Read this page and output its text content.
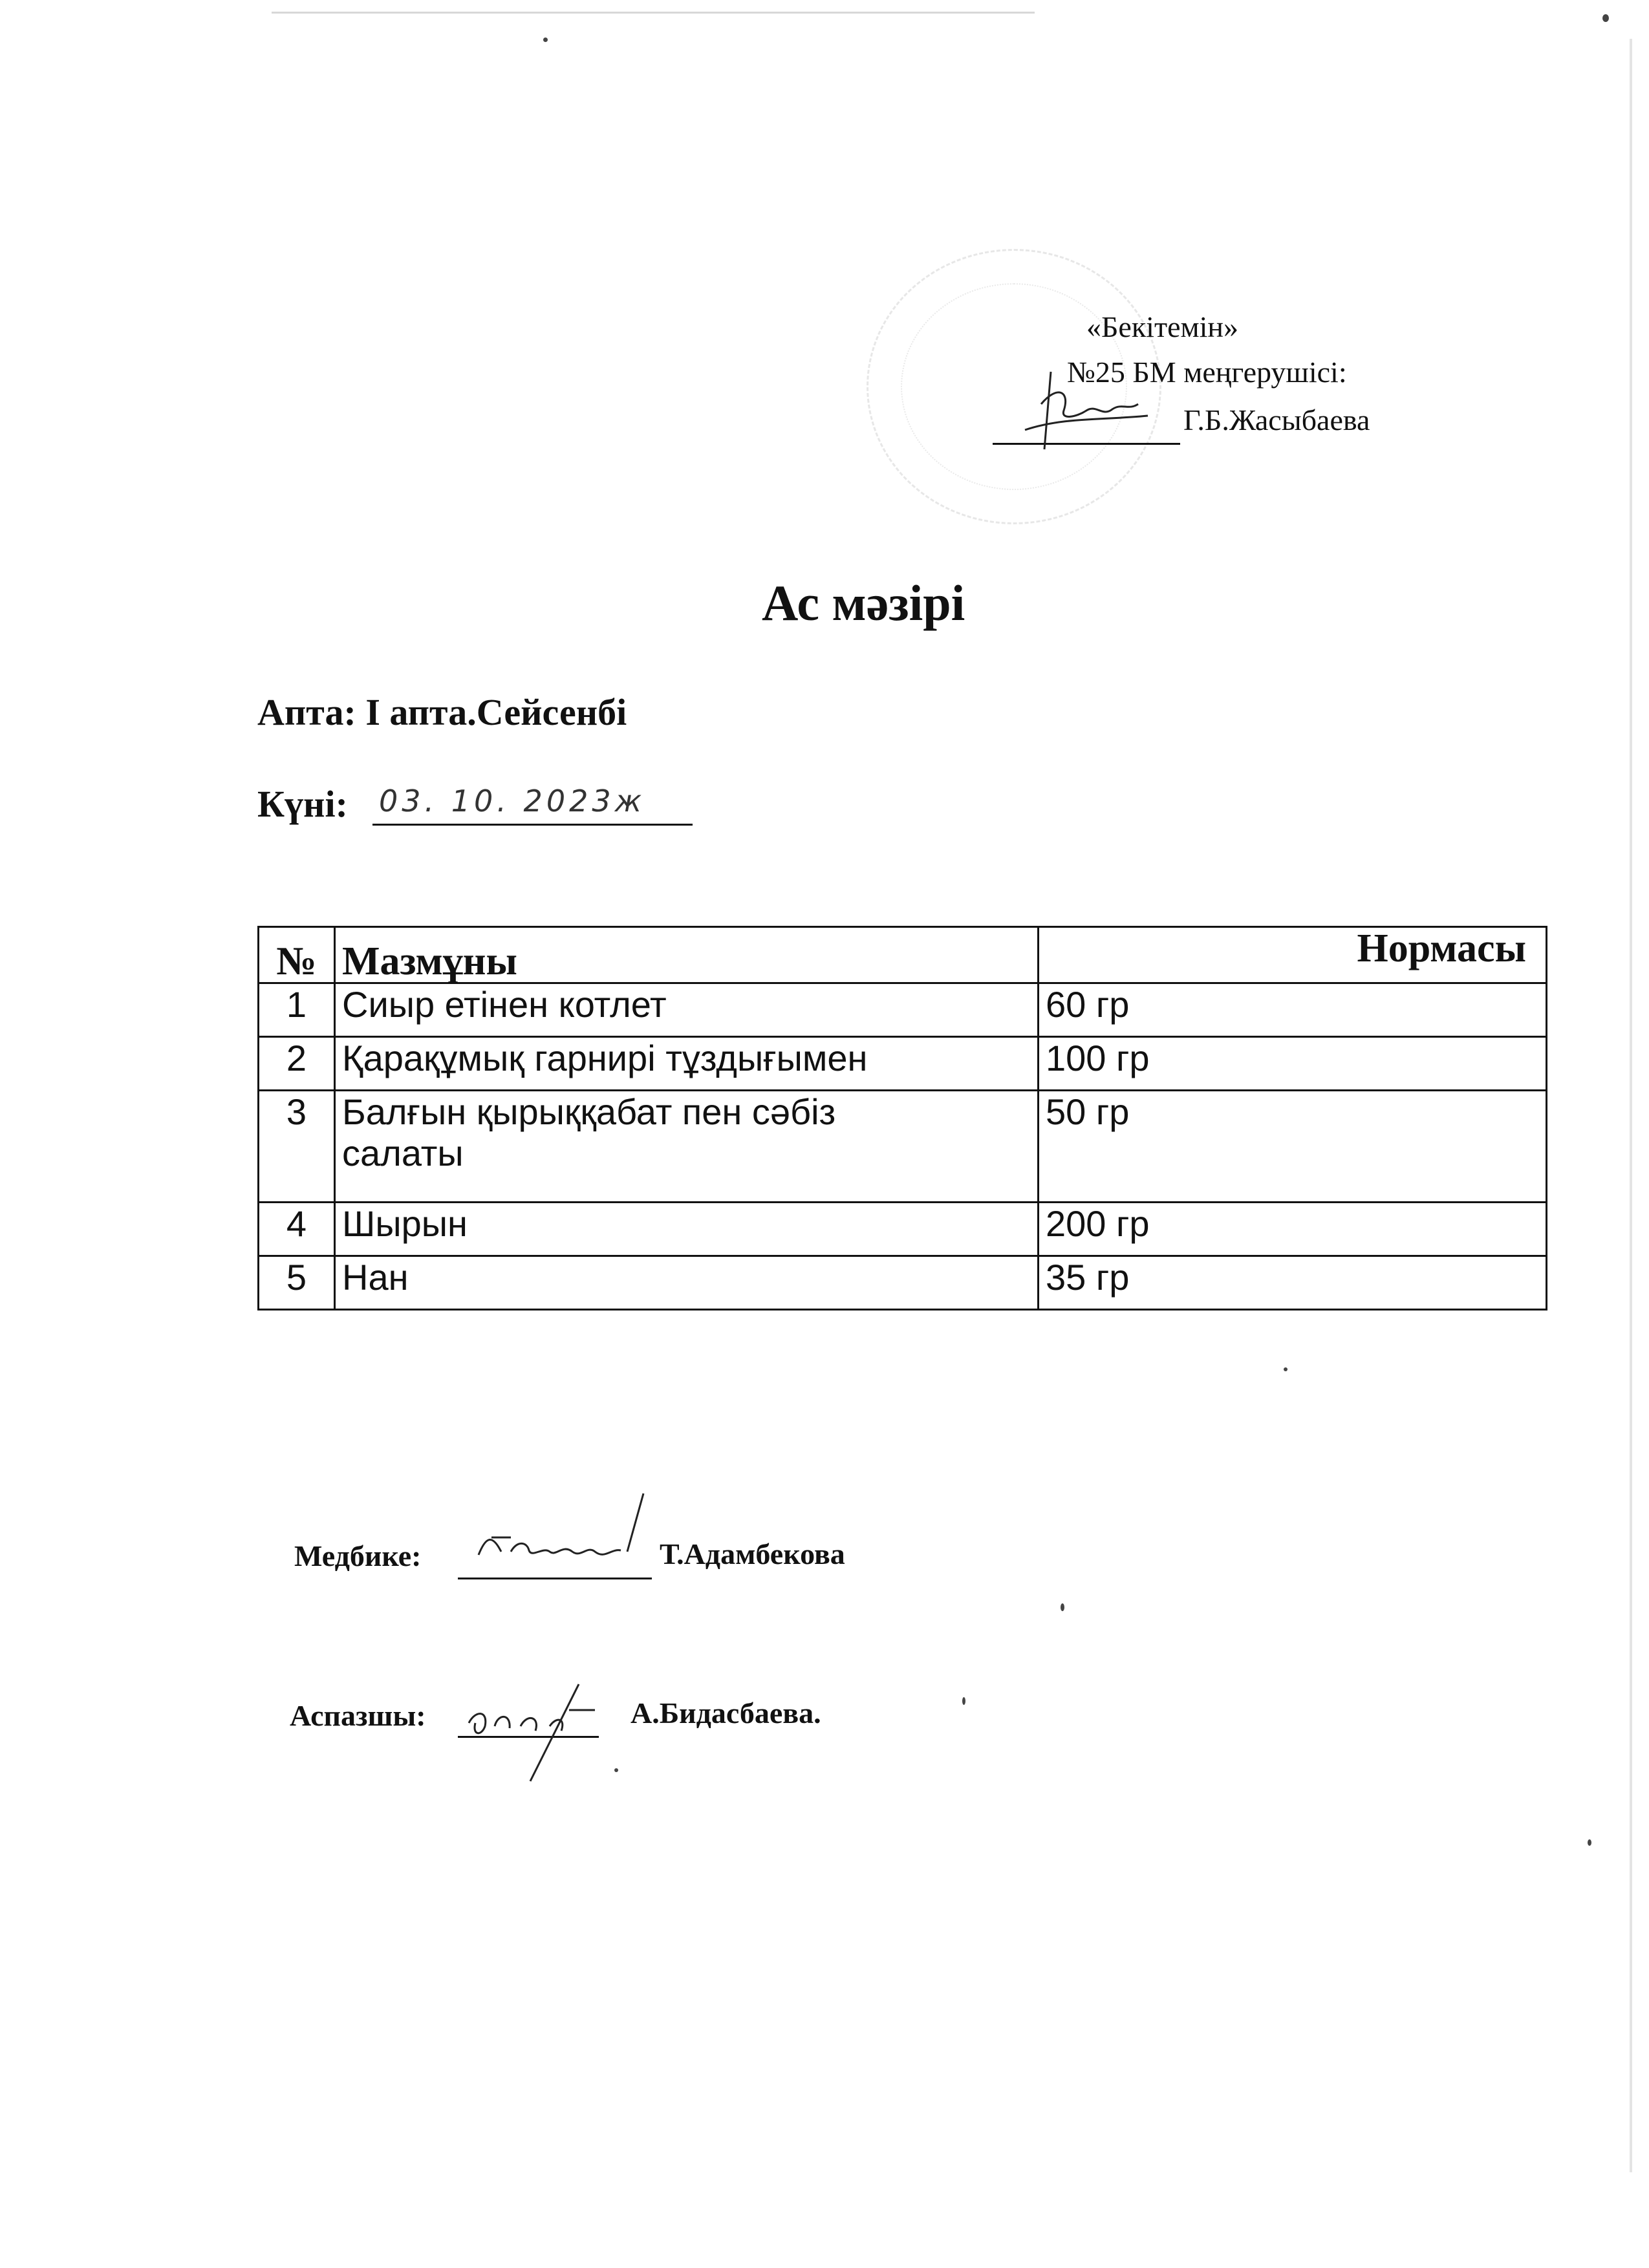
«Бекітемін»
№25 БМ меңгерушісі:
Г.Б.Жасыбаева
Ас мәзірі
Апта: І апта.Сейсенбі
Күні: 03. 10. 2023ж
№	Мазмұны	Нормасы
1	Сиыр етінен котлет	60 гр
2	Қарақұмық гарнирі тұздығымен	100 гр
3	Балғын қырыққабат пен сәбіз салаты	50 гр
4	Шырын	200 гр
5	Нан	35 гр
Медбике:	Т.Адамбекова
Аспазшы:	А.Бидасбаева.
